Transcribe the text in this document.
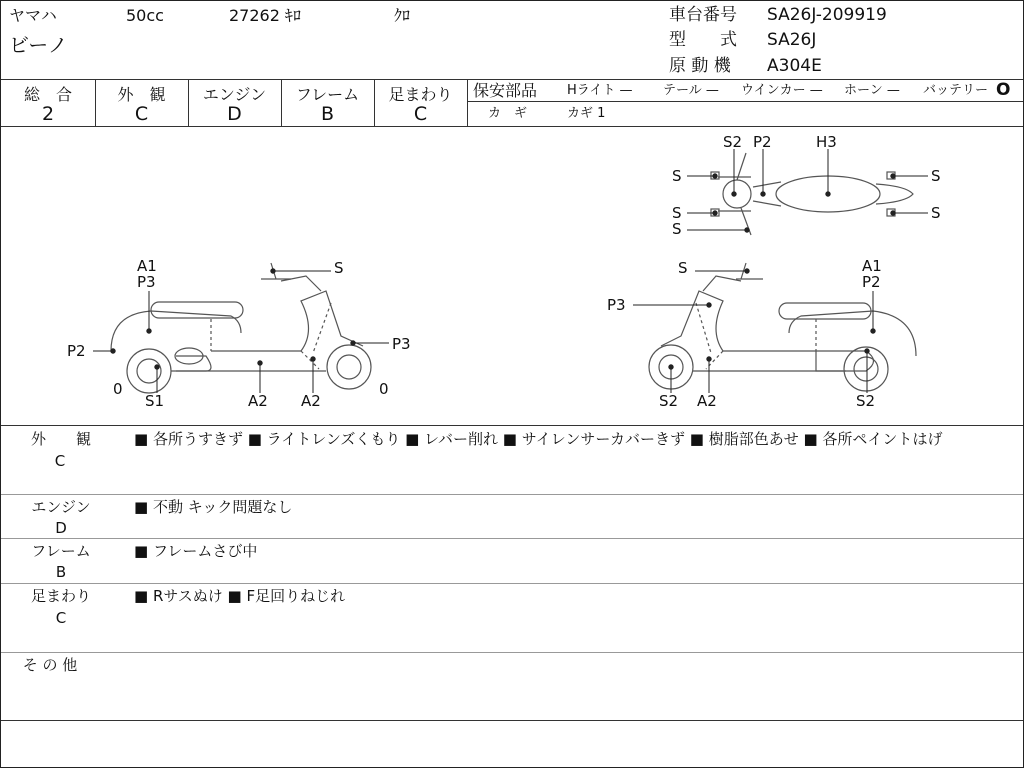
ヤマハ	50cc	27262 ｷﾛ	ｸﾛ
ビーノ
車台番号 SA26J-209919
型　　式 SA26J
原 動 機 A304E
総　合
2
外　観
C
エンジン
D
フレーム
B
足まわり
C
保安部品 Hライト — テール — ウインカー — ホーン — バッテリー O
カ　ギ	カギ 1
S2 P2	H3
S
S
S
S
S
A1
P3
S
P2	P3
0
S1	A2 A2
0
S
P3
A1
P2
S2 A2	S2
外　　観
C
■ 各所うすきず ■ ライトレンズくもり ■ レバー削れ ■ サイレンサーカバーきず ■ 樹脂部色あせ ■ 各所ペイントはげ
エンジン
D
■ 不動 キック問題なし
フレーム
B
■ フレームさび中
足まわり
C
■ Rサスぬけ ■ F足回りねじれ
そ の 他
